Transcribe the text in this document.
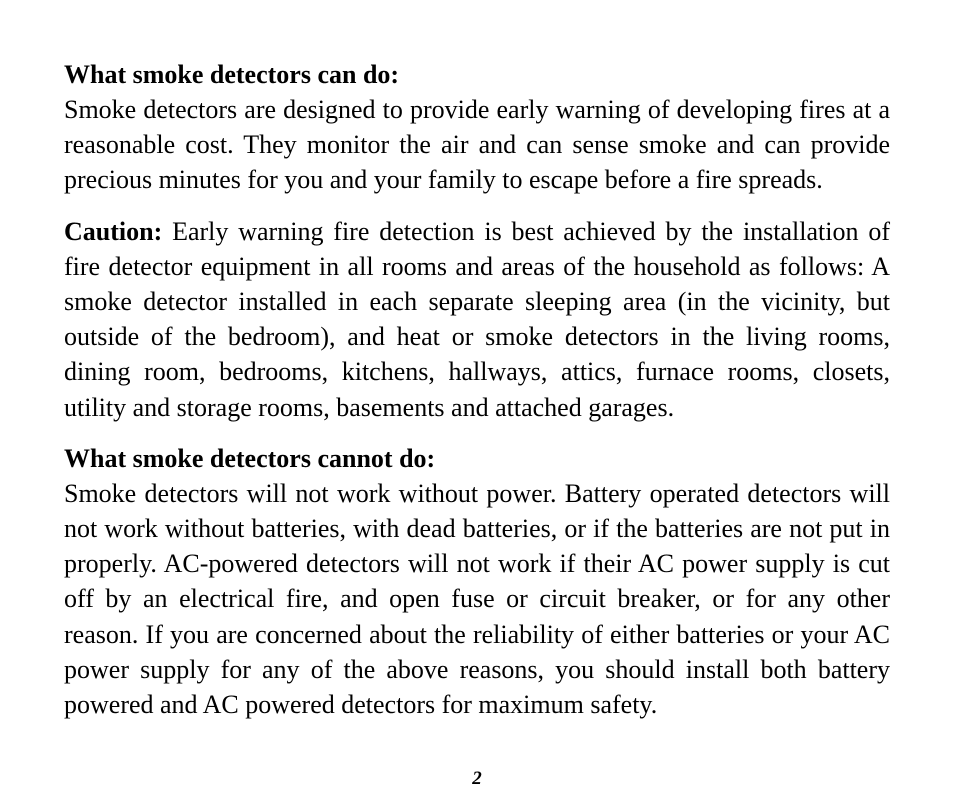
What smoke detectors can do:

Smoke detectors are designed to provide early warning of developing fires at a reasonable cost. They monitor the air and can sense smoke and can provide precious minutes for you and your family to escape before a fire spreads.

Caution: Early warning fire detection is best achieved by the installation of fire detector equipment in all rooms and areas of the household as follows: A smoke detector installed in each separate sleeping area (in the vicinity, but outside of the bedroom), and heat or smoke detectors in the living rooms, dining room, bedrooms, kitchens, hallways, attics, furnace rooms, closets, utility and storage rooms, basements and attached garages.

What smoke detectors cannot do:

Smoke detectors will not work without power. Battery operated detectors will not work without batteries, with dead batteries, or if the batteries are not put in properly. AC-powered detectors will not work if their AC power supply is cut off by an electrical fire, and open fuse or circuit breaker, or for any other reason. If you are concerned about the reliability of either batteries or your AC power supply for any of the above reasons, you should install both battery powered and AC powered detectors for maximum safety.

2
